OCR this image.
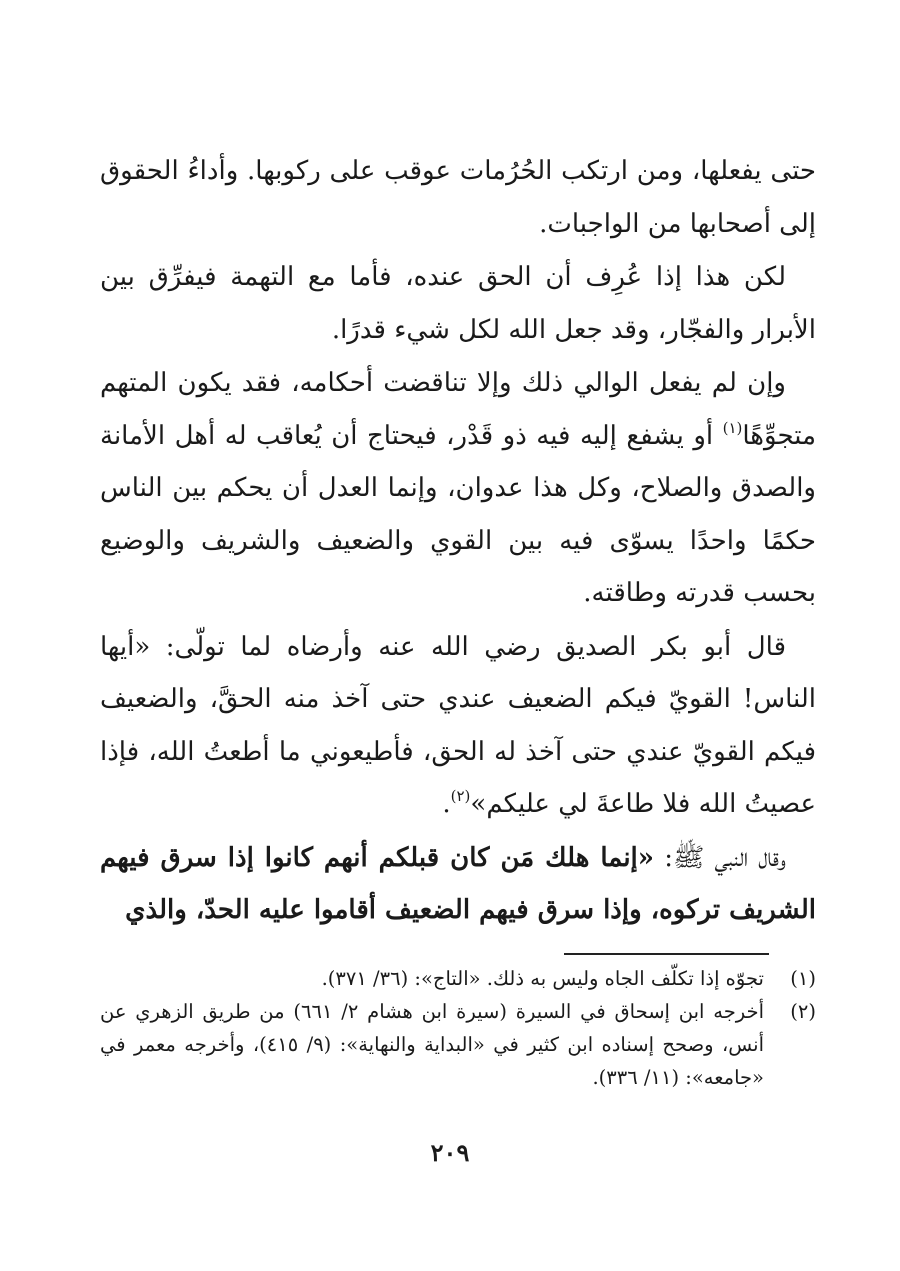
حتى يفعلها، ومن ارتكب الحُرُمات عوقب على ركوبها. وأداءُ الحقوق إلى أصحابها من الواجبات.

لكن هذا إذا عُرِف أن الحق عنده، فأما مع التهمة فيفرِّق بين الأبرار والفجّار، وقد جعل الله لكل شيء قدرًا.

وإن لم يفعل الوالي ذلك وإلا تناقضت أحكامه، فقد يكون المتهم متجوِّهًا$^{(١)}$ أو يشفع إليه فيه ذو قَدْر، فيحتاج أن يُعاقب له أهل الأمانة والصدق والصلاح، وكل هذا عدوان، وإنما العدل أن يحكم بين الناس حكمًا واحدًا يسوّى فيه بين القوي والضعيف والشريف والوضيع بحسب قدرته وطاقته.

قال أبو بكر الصديق رضي الله عنه وأرضاه لما تولّى: «أيها الناس! القويّ فيكم الضعيف عندي حتى آخذ منه الحقَّ، والضعيف فيكم القويّ عندي حتى آخذ له الحق، فأطيعوني ما أطعتُ الله، فإذا عصيتُ الله فلا طاعةَ لي عليكم»$^{(٢)}$.

وقال النبي ﷺ: «إنما هلك مَن كان قبلكم أنهم كانوا إذا سرق فيهم الشريف تركوه، وإذا سرق فيهم الضعيف أقاموا عليه الحدّ، والذي

(١)
تجوّه إذا تكلّف الجاه وليس به ذلك. «التاج»: (٣٦/ ٣٧١).
(٢)
أخرجه ابن إسحاق في السيرة (سيرة ابن هشام ٢/ ٦٦١) من طريق الزهري عن أنس، وصحح إسناده ابن كثير في «البداية والنهاية»: (٩/ ٤١٥)، وأخرجه معمر في «جامعه»: (١١/ ٣٣٦).
٢٠٩
